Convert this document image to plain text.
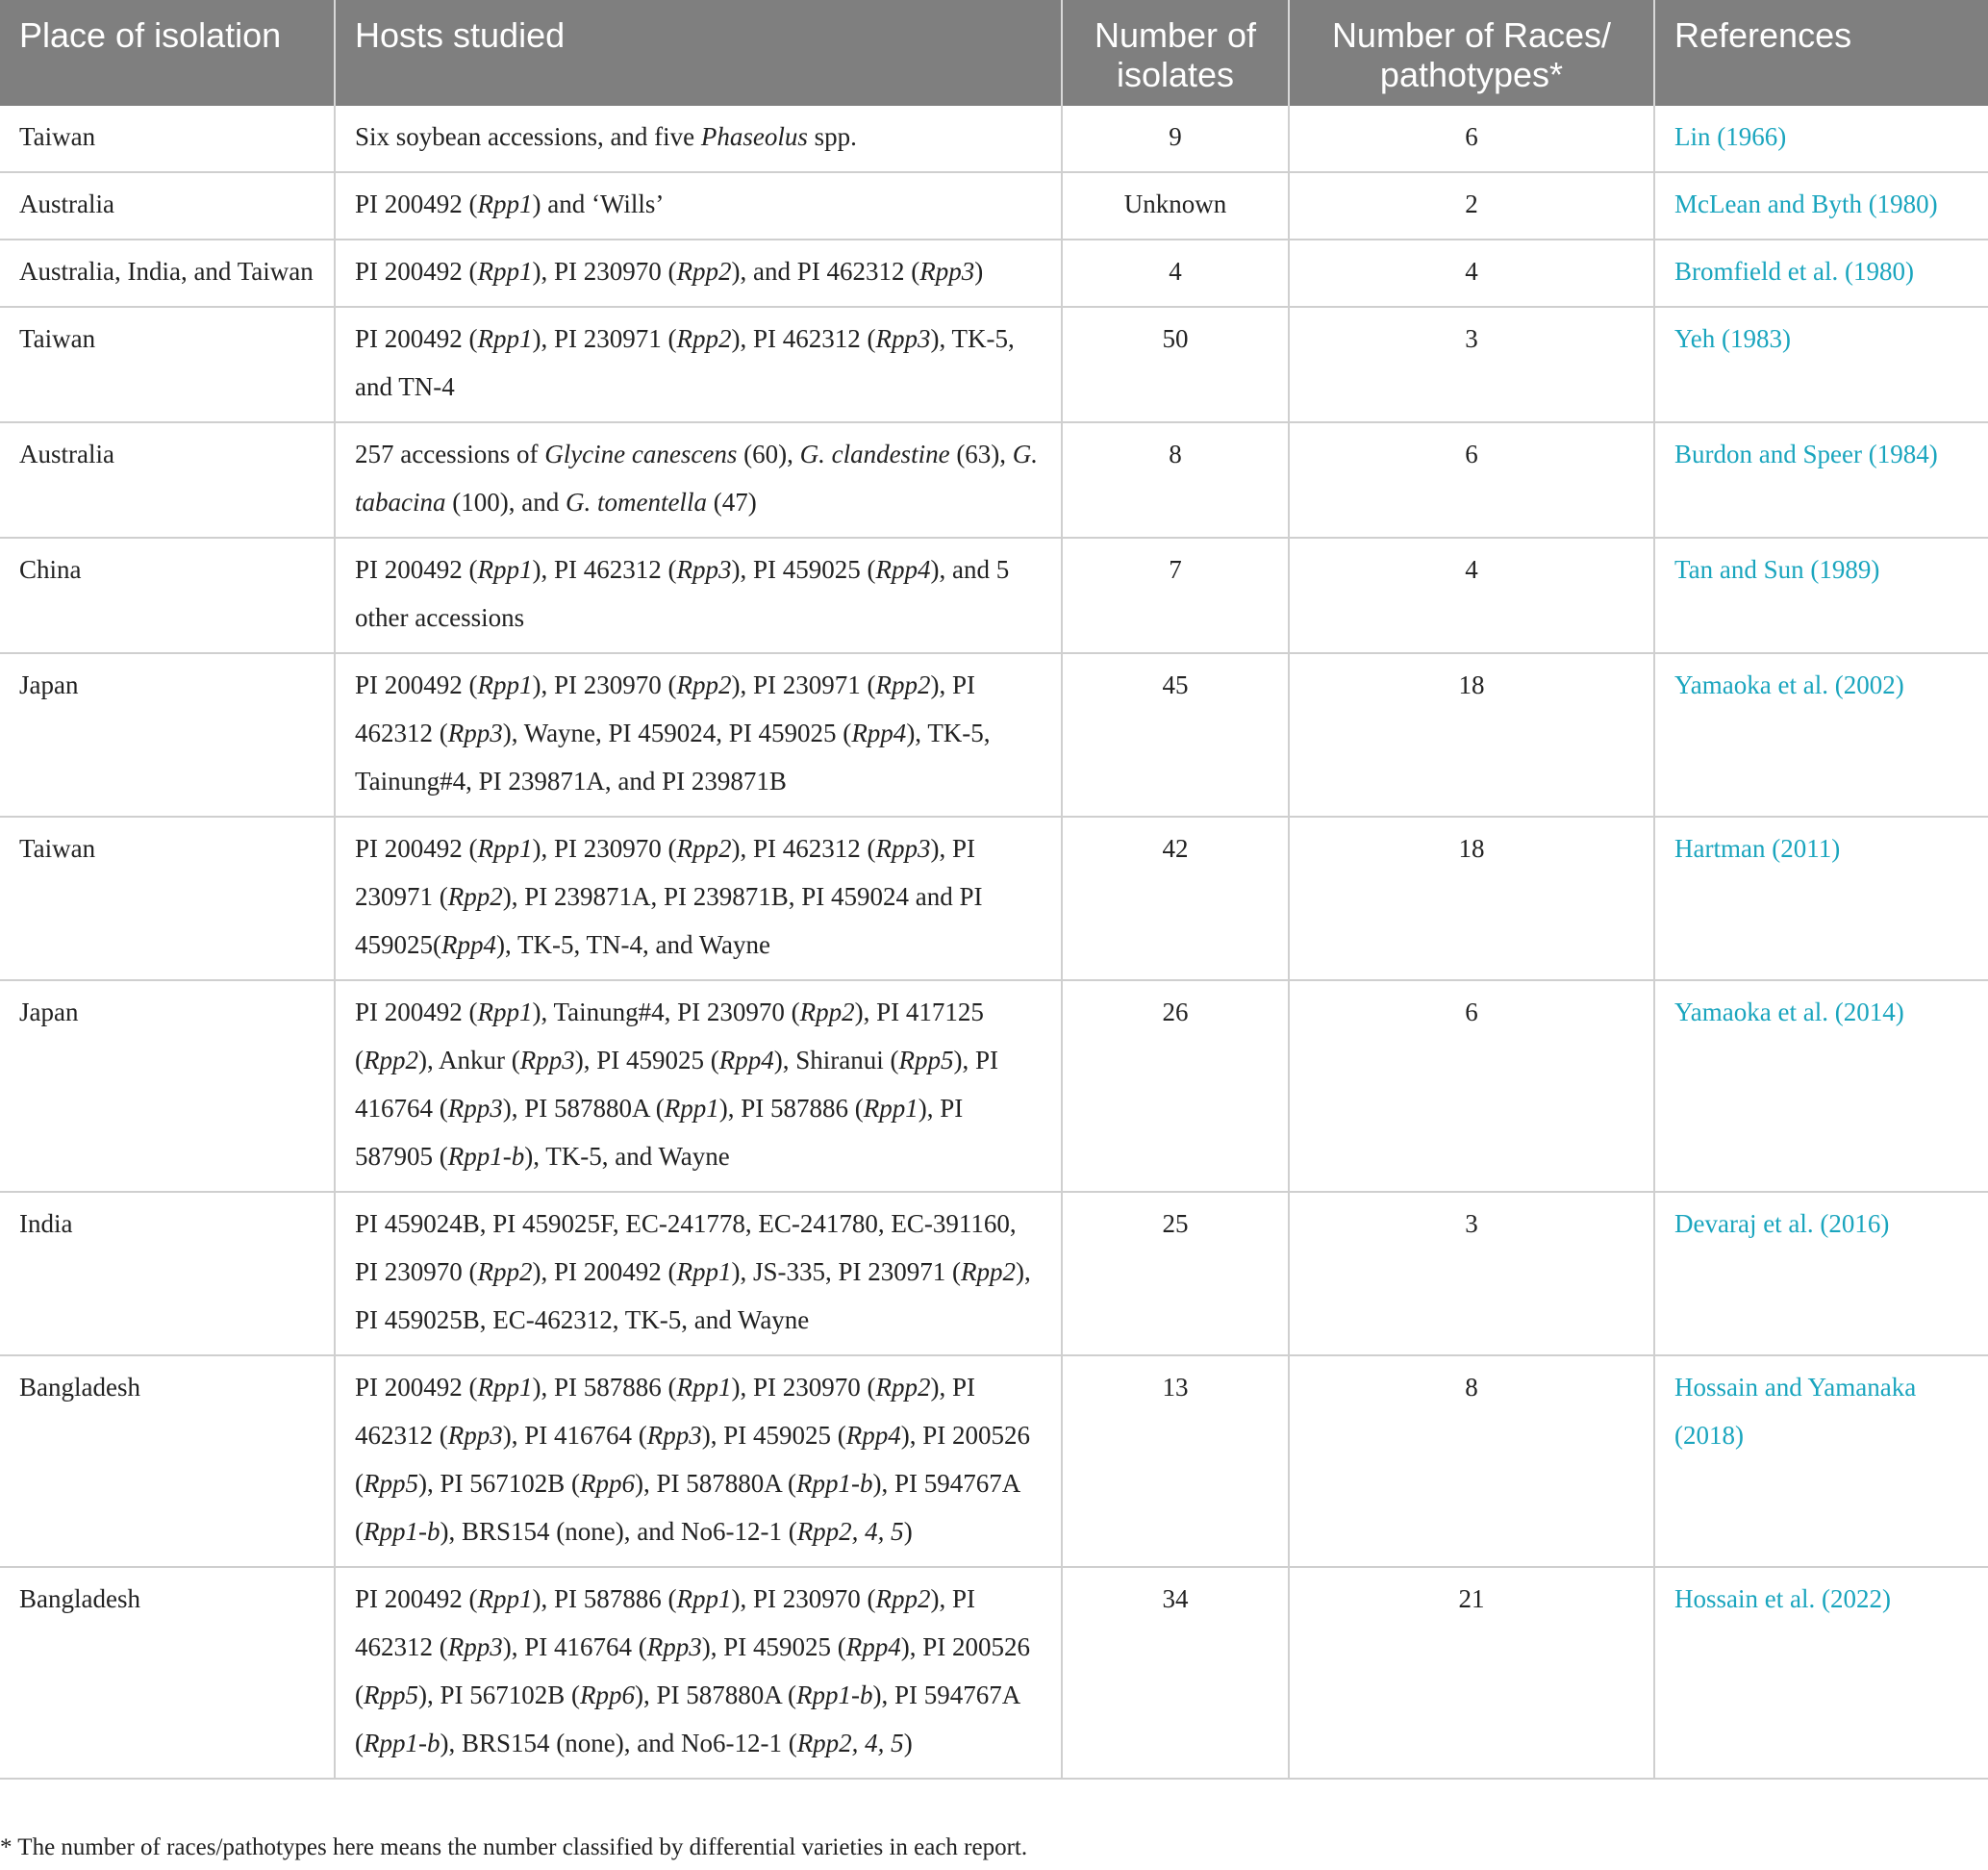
Place of isolation	Hosts studied	Number of isolates	Number of Races/ pathotypes*	References
Taiwan	Six soybean accessions, and five Phaseolus spp.	9	6	Lin (1966)
Australia	PI 200492 (Rpp1) and ‘Wills’	Unknown	2	McLean and Byth (1980)
Australia, India, and Taiwan	PI 200492 (Rpp1), PI 230970 (Rpp2), and PI 462312 (Rpp3)	4	4	Bromfield et al. (1980)
Taiwan	PI 200492 (Rpp1), PI 230971 (Rpp2), PI 462312 (Rpp3), TK-5, and TN-4	50	3	Yeh (1983)
Australia	257 accessions of Glycine canescens (60), G. clandestine (63), G. tabacina (100), and G. tomentella (47)	8	6	Burdon and Speer (1984)
China	PI 200492 (Rpp1), PI 462312 (Rpp3), PI 459025 (Rpp4), and 5 other accessions	7	4	Tan and Sun (1989)
Japan	PI 200492 (Rpp1), PI 230970 (Rpp2), PI 230971 (Rpp2), PI 462312 (Rpp3), Wayne, PI 459024, PI 459025 (Rpp4), TK-5, Tainung#4, PI 239871A, and PI 239871B	45	18	Yamaoka et al. (2002)
Taiwan	PI 200492 (Rpp1), PI 230970 (Rpp2), PI 462312 (Rpp3), PI 230971 (Rpp2), PI 239871A, PI 239871B, PI 459024 and PI 459025(Rpp4), TK-5, TN-4, and Wayne	42	18	Hartman (2011)
Japan	PI 200492 (Rpp1), Tainung#4, PI 230970 (Rpp2), PI 417125 (Rpp2), Ankur (Rpp3), PI 459025 (Rpp4), Shiranui (Rpp5), PI 416764 (Rpp3), PI 587880A (Rpp1), PI 587886 (Rpp1), PI 587905 (Rpp1-b), TK-5, and Wayne	26	6	Yamaoka et al. (2014)
India	PI 459024B, PI 459025F, EC-241778, EC-241780, EC-391160, PI 230970 (Rpp2), PI 200492 (Rpp1), JS-335, PI 230971 (Rpp2), PI 459025B, EC-462312, TK-5, and Wayne	25	3	Devaraj et al. (2016)
Bangladesh	PI 200492 (Rpp1), PI 587886 (Rpp1), PI 230970 (Rpp2), PI 462312 (Rpp3), PI 416764 (Rpp3), PI 459025 (Rpp4), PI 200526 (Rpp5), PI 567102B (Rpp6), PI 587880A (Rpp1-b), PI 594767A (Rpp1-b), BRS154 (none), and No6-12-1 (Rpp2, 4, 5)	13	8	Hossain and Yamanaka (2018)
Bangladesh	PI 200492 (Rpp1), PI 587886 (Rpp1), PI 230970 (Rpp2), PI 462312 (Rpp3), PI 416764 (Rpp3), PI 459025 (Rpp4), PI 200526 (Rpp5), PI 567102B (Rpp6), PI 587880A (Rpp1-b), PI 594767A (Rpp1-b), BRS154 (none), and No6-12-1 (Rpp2, 4, 5)	34	21	Hossain et al. (2022)
* The number of races/pathotypes here means the number classified by differential varieties in each report.
